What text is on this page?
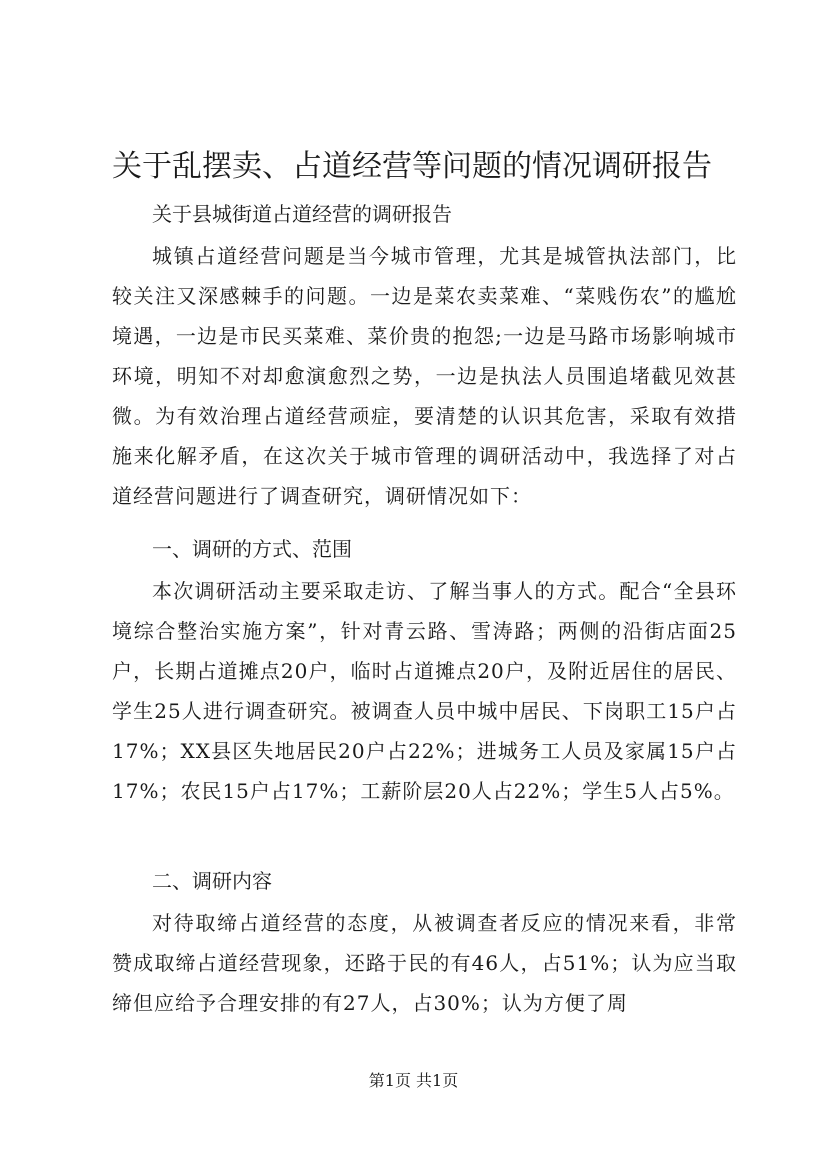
关于乱摆卖、占道经营等问题的情况调研报告

关于县城街道占道经营的调研报告

城镇占道经营问题是当今城市管理，尤其是城管执法部门，比较关注又深感棘手的问题。一边是菜农卖菜难、“菜贱伤农”的尴尬境遇，一边是市民买菜难、菜价贵的抱怨;一边是马路市场影响城市环境，明知不对却愈演愈烈之势，一边是执法人员围追堵截见效甚微。为有效治理占道经营顽症，要清楚的认识其危害，采取有效措施来化解矛盾，在这次关于城市管理的调研活动中，我选择了对占道经营问题进行了调查研究，调研情况如下：

一、调研的方式、范围

本次调研活动主要采取走访、了解当事人的方式。配合“全县环境综合整治实施方案”，针对青云路、雪涛路；两侧的沿街店面25户，长期占道摊点20户，临时占道摊点20户，及附近居住的居民、学生25人进行调查研究。被调查人员中城中居民、下岗职工15户占17%；XX县区失地居民20户占22%；进城务工人员及家属15户占17%；农民15户占17%；工薪阶层20人占22%；学生5人占5%。

二、调研内容

对待取缔占道经营的态度，从被调查者反应的情况来看，非常赞成取缔占道经营现象，还路于民的有46人，占51%；认为应当取缔但应给予合理安排的有27人，占30%；认为方便了周

第1页 共1页
